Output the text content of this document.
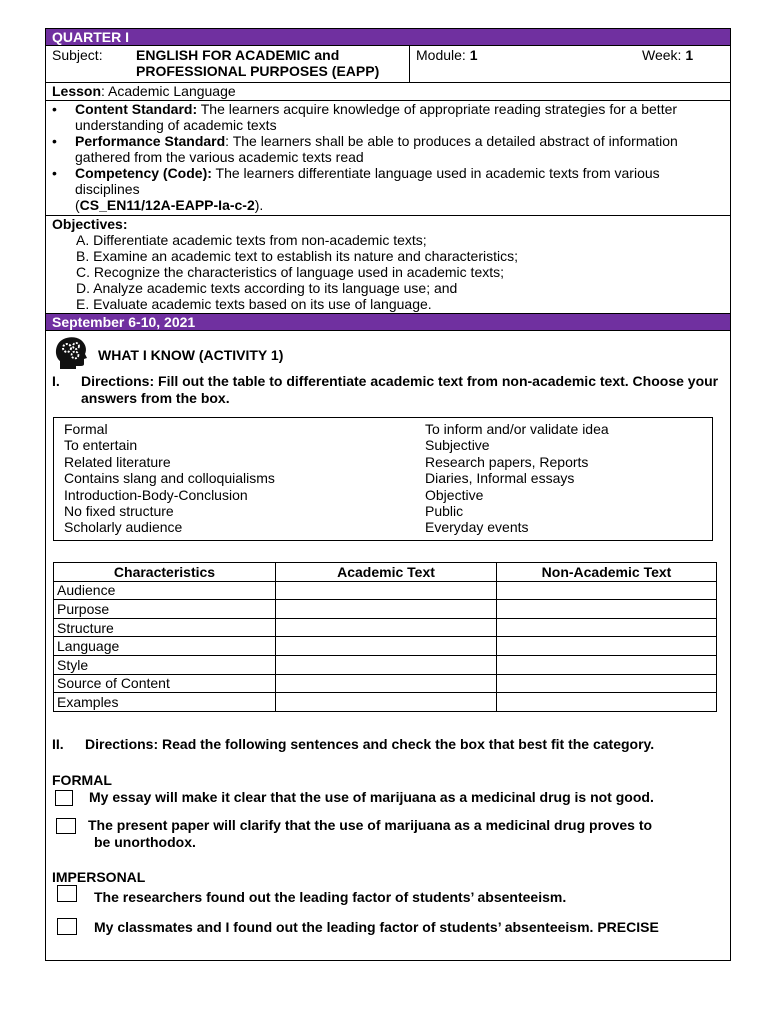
QUARTER I
Subject:	ENGLISH FOR ACADEMIC and
PROFESSIONAL PURPOSES (EAPP)
Module: 1	Week: 1
Lesson: Academic Language
• Content Standard: The learners acquire knowledge of appropriate reading strategies for a better
understanding of academic texts
• Performance Standard: The learners shall be able to produces a detailed abstract of information
gathered from the various academic texts read
• Competency (Code): The learners differentiate language used in academic texts from various disciplines
(CS_EN11/12A-EAPP-Ia-c-2).
Objectives:
A. Differentiate academic texts from non-academic texts;
B. Examine an academic text to establish its nature and characteristics;
C. Recognize the characteristics of language used in academic texts;
D. Analyze academic texts according to its language use; and
E. Evaluate academic texts based on its use of language.
September 6-10, 2021
WHAT I KNOW (ACTIVITY 1)
I. Directions: Fill out the table to differentiate academic text from non-academic text. Choose your
answers from the box.
Formal
To entertain
Related literature
Contains slang and colloquialisms
Introduction-Body-Conclusion
No fixed structure
Scholarly audience
To inform and/or validate idea
Subjective
Research papers, Reports
Diaries, Informal essays
Objective
Public
Everyday events
Characteristics	Academic Text	Non-Academic Text
Audience		
Purpose		
Structure		
Language		
Style		
Source of Content		
Examples		
II. Directions: Read the following sentences and check the box that best fit the category.
FORMAL
My essay will make it clear that the use of marijuana as a medicinal drug is not good.
The present paper will clarify that the use of marijuana as a medicinal drug proves to
be unorthodox.
IMPERSONAL
The researchers found out the leading factor of students’ absenteeism.
My classmates and I found out the leading factor of students’ absenteeism. PRECISE
